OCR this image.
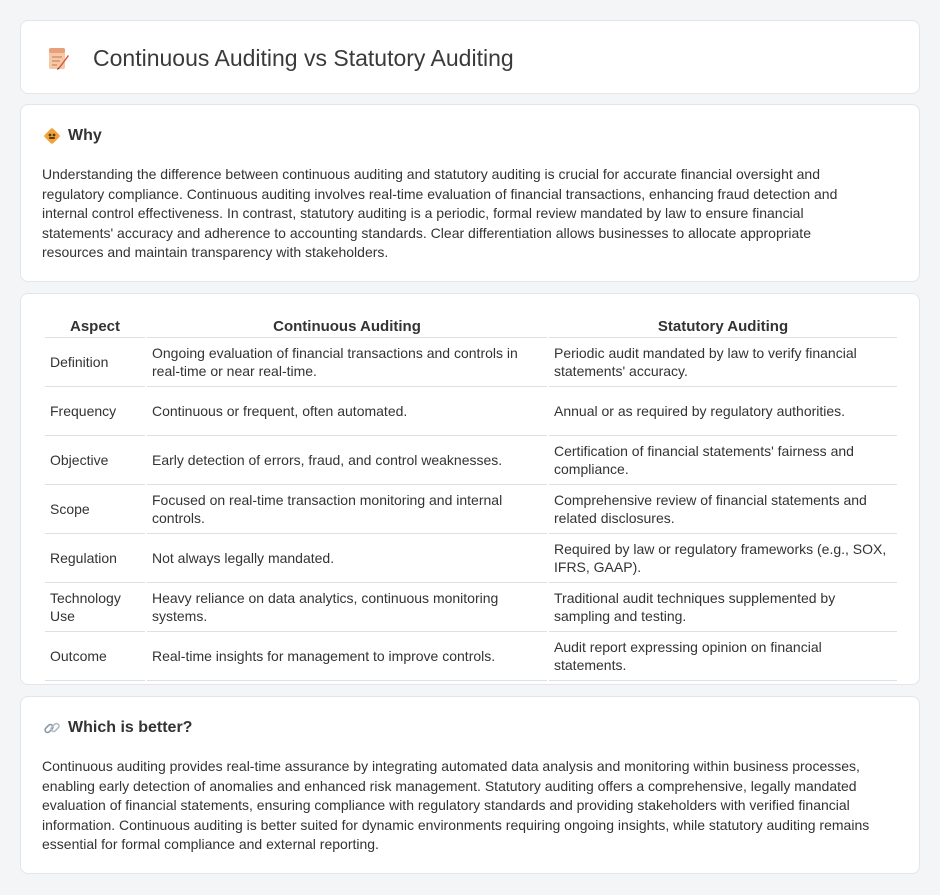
Continuous Auditing vs Statutory Auditing
Why

Understanding the difference between continuous auditing and statutory auditing is crucial for accurate financial oversight and regulatory compliance. Continuous auditing involves real-time evaluation of financial transactions, enhancing fraud detection and internal control effectiveness. In contrast, statutory auditing is a periodic, formal review mandated by law to ensure financial statements' accuracy and adherence to accounting standards. Clear differentiation allows businesses to allocate appropriate resources and maintain transparency with stakeholders.

Aspect	Continuous Auditing	Statutory Auditing
Definition	Ongoing evaluation of financial transactions and controls in real-time or near real-time.	Periodic audit mandated by law to verify financial statements' accuracy.
Frequency	Continuous or frequent, often automated.	Annual or as required by regulatory authorities.
Objective	Early detection of errors, fraud, and control weaknesses.	Certification of financial statements' fairness and compliance.
Scope	Focused on real-time transaction monitoring and internal controls.	Comprehensive review of financial statements and related disclosures.
Regulation	Not always legally mandated.	Required by law or regulatory frameworks (e.g., SOX, IFRS, GAAP).
Technology Use	Heavy reliance on data analytics, continuous monitoring systems.	Traditional audit techniques supplemented by sampling and testing.
Outcome	Real-time insights for management to improve controls.	Audit report expressing opinion on financial statements.
Which is better?

Continuous auditing provides real-time assurance by integrating automated data analysis and monitoring within business processes, enabling early detection of anomalies and enhanced risk management. Statutory auditing offers a comprehensive, legally mandated evaluation of financial statements, ensuring compliance with regulatory standards and providing stakeholders with verified financial information. Continuous auditing is better suited for dynamic environments requiring ongoing insights, while statutory auditing remains essential for formal compliance and external reporting.
